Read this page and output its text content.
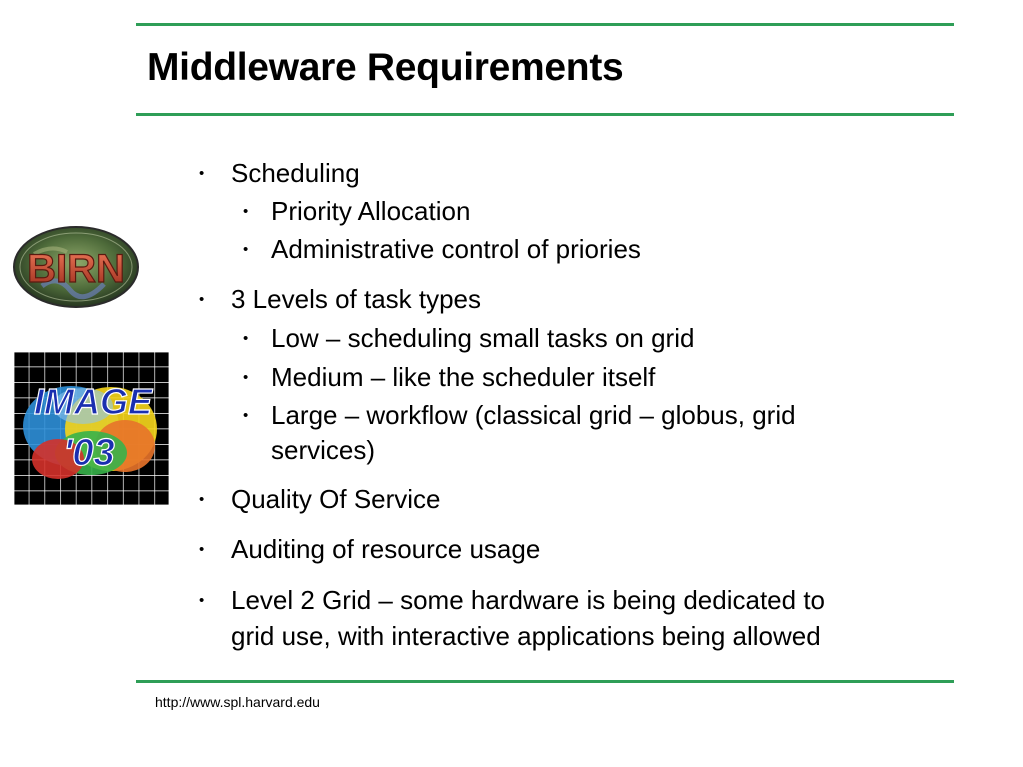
Middleware Requirements
BIRN
IMAGE
'03
• Scheduling
• Priority Allocation
• Administrative control of priories
• 3 Levels of task types
• Low – scheduling small tasks on grid
• Medium – like the scheduler itself
• Large – workflow (classical grid – globus, grid
services)
• Quality Of Service
• Auditing of resource usage
• Level 2 Grid – some hardware is being dedicated to
grid use, with interactive applications being allowed
http://www.spl.harvard.edu
